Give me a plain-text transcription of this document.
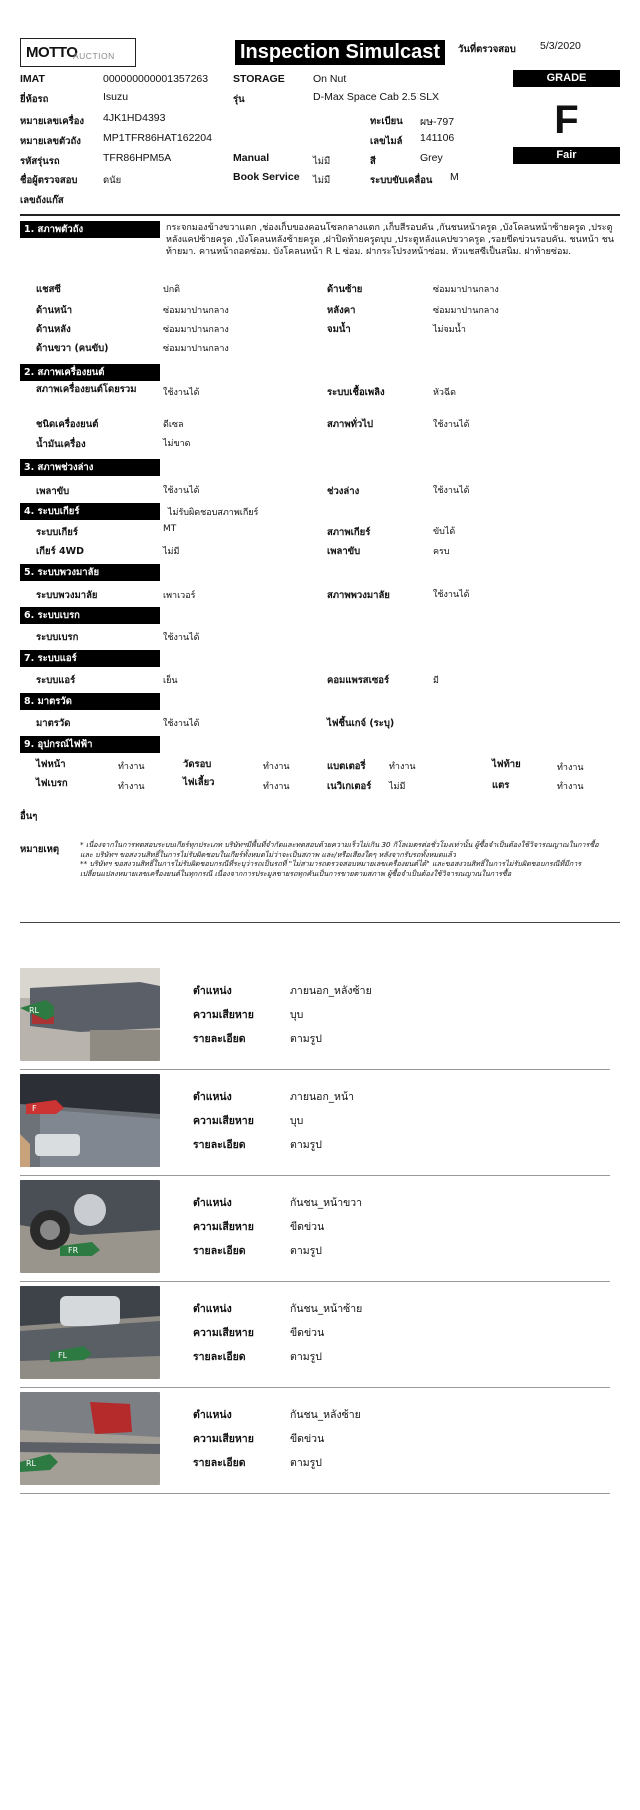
MOTTO
AUCTION	Inspection Simulcast	วันที่ตรวจสอบ 5/3/2020
GRADE
F
Fair
IMAT	000000000001357263 STORAGE	On Nut
ยี่ห้อรถ	Isuzu	รุ่น	D-Max Space Cab 2.5 SLX
หมายเลขเครื่อง 4JK1HD4393	ทะเบียน ผษ-797
หมายเลขตัวถัง MP1TFR86HAT162204	เลขไมล์ 141106
รหัสรุ่นรถ	TFR86HPM5A	Manual	ไม่มี	สี	Grey
ชื่อผู้ตรวจสอบ	ดนัย	Book Service ไม่มี	ระบบขับเคลื่อน M
เลขถังแก๊ส
1. สภาพตัวถัง	กระจกมองข้างขวาแตก ,ช่องเก็บของคอนโซลกลางแตก ,เก็บสีรอบคัน ,กันชนหน้าครูด ,บังโคลนหน้าซ้ายครูด ,ประตูหลังแคปซ้ายครูด ,บังโคลนหลังซ้ายครูด ,ฝาปิดท้ายครูดบุบ ,ประตูหลังแคปขวาครูด ,รอยขีดข่วนรอบคัน. ชนหน้า ชนท้ายมา. คานหน้าถอดซ่อม. บังโคลนหน้า R L ซ่อม. ฝากระโปรงหน้าซ่อม. หัวแชสซีเป็นสนิม. ฝาท้ายซ่อม.
แชสซี	ปกติ	ด้านซ้าย	ซ่อมมาปานกลาง
ด้านหน้า	ซ่อมมาปานกลาง	หลังคา	ซ่อมมาปานกลาง
ด้านหลัง	ซ่อมมาปานกลาง	จมน้ำ	ไม่จมน้ำ
ด้านขวา (คนขับ)	ซ่อมมาปานกลาง
2. สภาพเครื่องยนต์
สภาพเครื่องยนต์โดยรวม	ใช้งานได้	ระบบเชื้อเพลิง	หัวฉีด
ชนิดเครื่องยนต์	ดีเซล	สภาพทั่วไป	ใช้งานได้
น้ำมันเครื่อง	ไม่ขาด
3. สภาพช่วงล่าง
เพลาขับ	ใช้งานได้	ช่วงล่าง	ใช้งานได้
4. ระบบเกียร์	ไม่รับผิดชอบสภาพเกียร์
ระบบเกียร์	MT	สภาพเกียร์	ขับได้
เกียร์ 4WD	ไม่มี	เพลาขับ	ครบ
5. ระบบพวงมาลัย
ระบบพวงมาลัย	เพาเวอร์	สภาพพวงมาลัย	ใช้งานได้
6. ระบบเบรก
ระบบเบรก	ใช้งานได้
7. ระบบแอร์
ระบบแอร์	เย็น	คอมแพรสเซอร์	มี
8. มาตรวัด
มาตรวัด	ใช้งานได้	ไฟชี้นเกจ์ (ระบุ)
9. อุปกรณ์ไฟฟ้า
ไฟหน้า	ทำงาน	วัดรอบ	ทำงาน	แบตเตอรี่	ทำงาน	ไฟท้าย	ทำงาน
ไฟเบรก	ทำงาน	ไฟเลี้ยว	ทำงาน	เนวิเกเตอร์ ไม่มี	แตร	ทำงาน
อื่นๆ
หมายเหตุ	* เนื่องจากในการทดสอบระบบเกียร์ทุกประเภท บริษัทฯมีพื้นที่จำกัดและทดสอบด้วยความเร็วไม่เกิน 30 กิโลเมตรต่อชั่วโมงเท่านั้น ผู้ซื้อจำเป็นต้องใช้วิจารณญาณในการซื้อ และ บริษัทฯ ขอสงวนสิทธิ์ในการไม่รับผิดชอบในเกียร์ทั้งหมดไม่ว่าจะเป็นสภาพ และ/หรือเสียงใดๆ หลังจากรับรถทั้งหมดแล้ว
** บริษัทฯ ขอสงวนสิทธิ์ในการไม่รับผิดชอบกรณีที่ระบุว่ารถเป็นรถที่ "ไม่สามารถตรวจสอบหมายเลขเครื่องยนต์ได้" และขอสงวนสิทธิ์ในการไม่รับผิดชอบกรณีที่มีการเปลี่ยนแปลงหมายเลขเครื่องยนต์ในทุกกรณี เนื่องจากการประมูลขายรถทุกคันเป็นการขายตามสภาพ ผู้ซื้อจำเป็นต้องใช้วิจารณญาณในการซื้อ
RL
ตำแหน่ง	ภายนอก_หลังซ้าย
ความเสียหาย	บุบ
รายละเอียด	ตามรูป
F
ตำแหน่ง	ภายนอก_หน้า
ความเสียหาย	บุบ
รายละเอียด	ตามรูป
FR
ตำแหน่ง	กันชน_หน้าขวา
ความเสียหาย	ขีดข่วน
รายละเอียด	ตามรูป
FL
ตำแหน่ง	กันชน_หน้าซ้าย
ความเสียหาย	ขีดข่วน
รายละเอียด	ตามรูป
RL
ตำแหน่ง	กันชน_หลังซ้าย
ความเสียหาย	ขีดข่วน
รายละเอียด	ตามรูป
